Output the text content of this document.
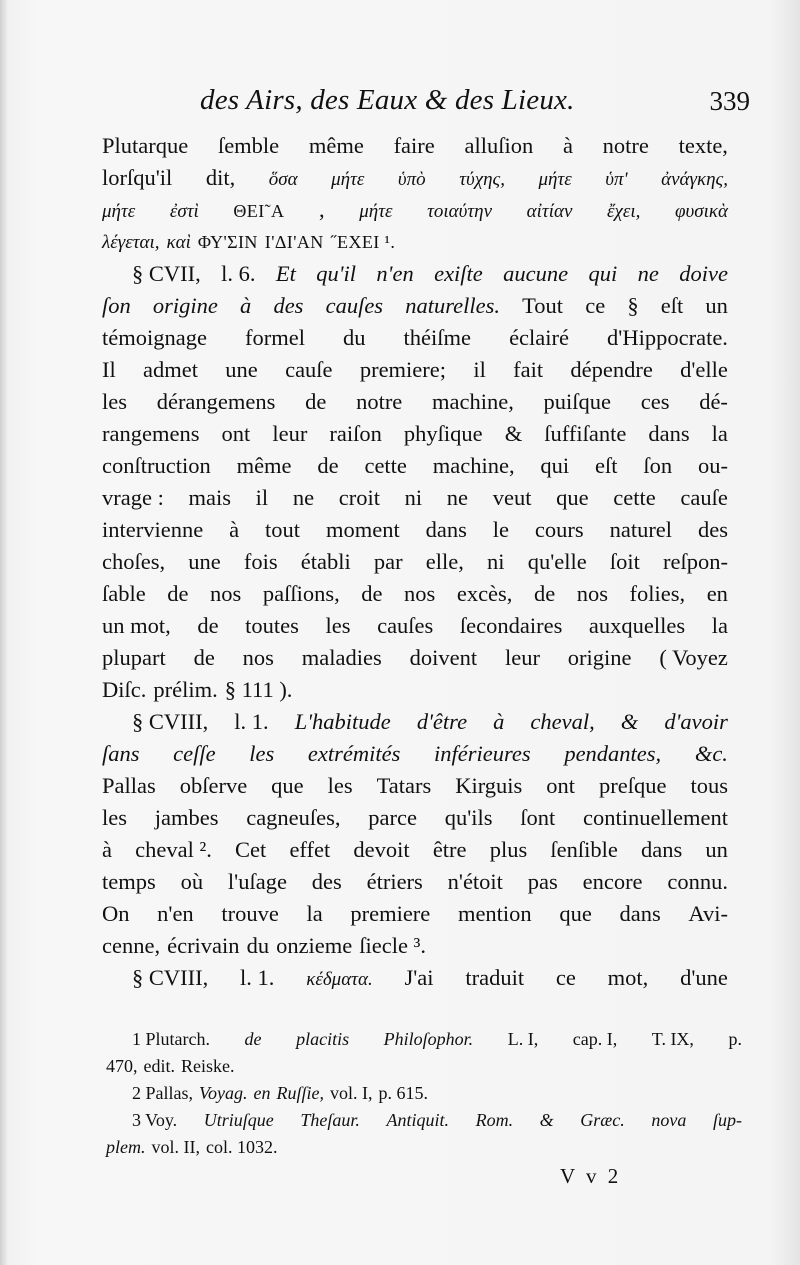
des Airs, des Eaux & des Lieux.	339
Plutarque ſemble même faire alluſion à notre texte,
lorſqu'il dit, ὅσα μήτε ὑπὸ τύχης, μήτε ὑπ' ἀνάγκης,
μήτε ἐστὶ ΘΕΙ˜Α , μήτε τοιαύτην αἰτίαν ἔχει, φυσικὰ
λέγεται, καὶ ΦΥ'ΣΙΝ Ι'ΔΙ'ΑΝ ˝ΕΧΕΙ ¹.
§ CVII, l. 6. Et qu'il n'en exiſte aucune qui ne doive
ſon origine à des cauſes naturelles. Tout ce § eſt un
témoignage formel du théiſme éclairé d'Hippocrate.
Il admet une cauſe premiere; il fait dépendre d'elle
les dérangemens de notre machine, puiſque ces dé-
rangemens ont leur raiſon phyſique & ſuffiſante dans la
conſtruction même de cette machine, qui eſt ſon ou-
vrage : mais il ne croit ni ne veut que cette cauſe
intervienne à tout moment dans le cours naturel des
choſes, une fois établi par elle, ni qu'elle ſoit reſpon-
ſable de nos paſſions, de nos excès, de nos folies, en
un mot, de toutes les cauſes ſecondaires auxquelles la
plupart de nos maladies doivent leur origine ( Voyez
Diſc. prélim. § 111 ).
§ CVIII, l. 1. L'habitude d'être à cheval, & d'avoir
ſans ceſſe les extrémités inférieures pendantes, &c.
Pallas obſerve que les Tatars Kirguis ont preſque tous
les jambes cagneuſes, parce qu'ils ſont continuellement
à cheval ². Cet effet devoit être plus ſenſible dans un
temps où l'uſage des étriers n'étoit pas encore connu.
On n'en trouve la premiere mention que dans Avi-
cenne, écrivain du onzieme ſiecle ³.
§ CVIII, l. 1. κέδματα. J'ai traduit ce mot, d'une
1 Plutarch. de placitis Philoſophor. L. I, cap. I, T. IX, p.
470, edit. Reiske.
2 Pallas, Voyag. en Ruſſie, vol. I, p. 615.
3 Voy. Utriuſque Theſaur. Antiquit. Rom. & Græc. nova ſup-
plem. vol. II, col. 1032.
V v 2
